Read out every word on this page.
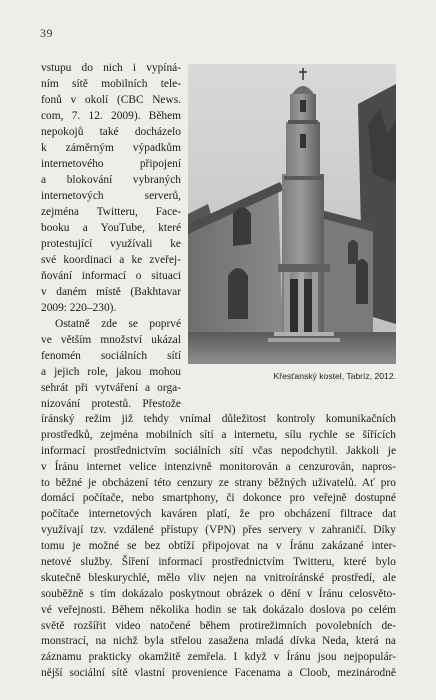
39
vstupu do nich i vypíná-
ním sítě mobilních tele-
fonů v okolí (CBC News.
com, 7. 12. 2009). Během
nepokojů také docházelo
k záměrným výpadkům
internetového připojení
a blokování vybraných
internetových serverů,
zejména Twitteru, Face-
booku a YouTube, které
protestující využívali ke
své koordinaci a ke zveřej-
ňování informací o situaci
v daném místě (Bakhtavar
2009: 220–230).
Ostatně zde se poprvé
ve větším množství ukázal
fenomén sociálních sítí
a jejich role, jakou mohou
sehrát při vytváření a orga-
nizování protestů. Přestože
Křesťanský kostel, Tabríz, 2012.
íránský režim již tehdy vnímal důležitost kontroly komunikačních
prostředků, zejména mobilních sítí a internetu, sílu rychle se šířících
informací prostřednictvím sociálních sítí včas nepodchytil. Jakkoli je
v Íránu internet velice intenzivně monitorován a cenzurován, napros-
to běžné je obcházení této cenzury ze strany běžných uživatelů. Ať pro
domácí počítače, nebo smartphony, či dokonce pro veřejně dostupné
počítače internetových kaváren platí, že pro obcházení filtrace dat
využívají tzv. vzdálené přístupy (VPN) přes servery v zahraničí. Díky
tomu je možné se bez obtíží připojovat na v Íránu zakázané inter-
netové služby. Šíření informací prostřednictvím Twitteru, které bylo
skutečně bleskurychlé, mělo vliv nejen na vnitroíránské prostředí, ale
souběžně s tím dokázalo poskytnout obrázek o dění v Íránu celosvěto-
vé veřejnosti. Během několika hodin se tak dokázalo doslova po celém
světě rozšířit video natočené během protirežimních povolebních de-
monstrací, na nichž byla střelou zasažena mladá dívka Neda, která na
záznamu prakticky okamžitě zemřela. I když v Íránu jsou nejpopulár-
nější sociální sítě vlastní provenience Facenama a Cloob, mezinárodně
